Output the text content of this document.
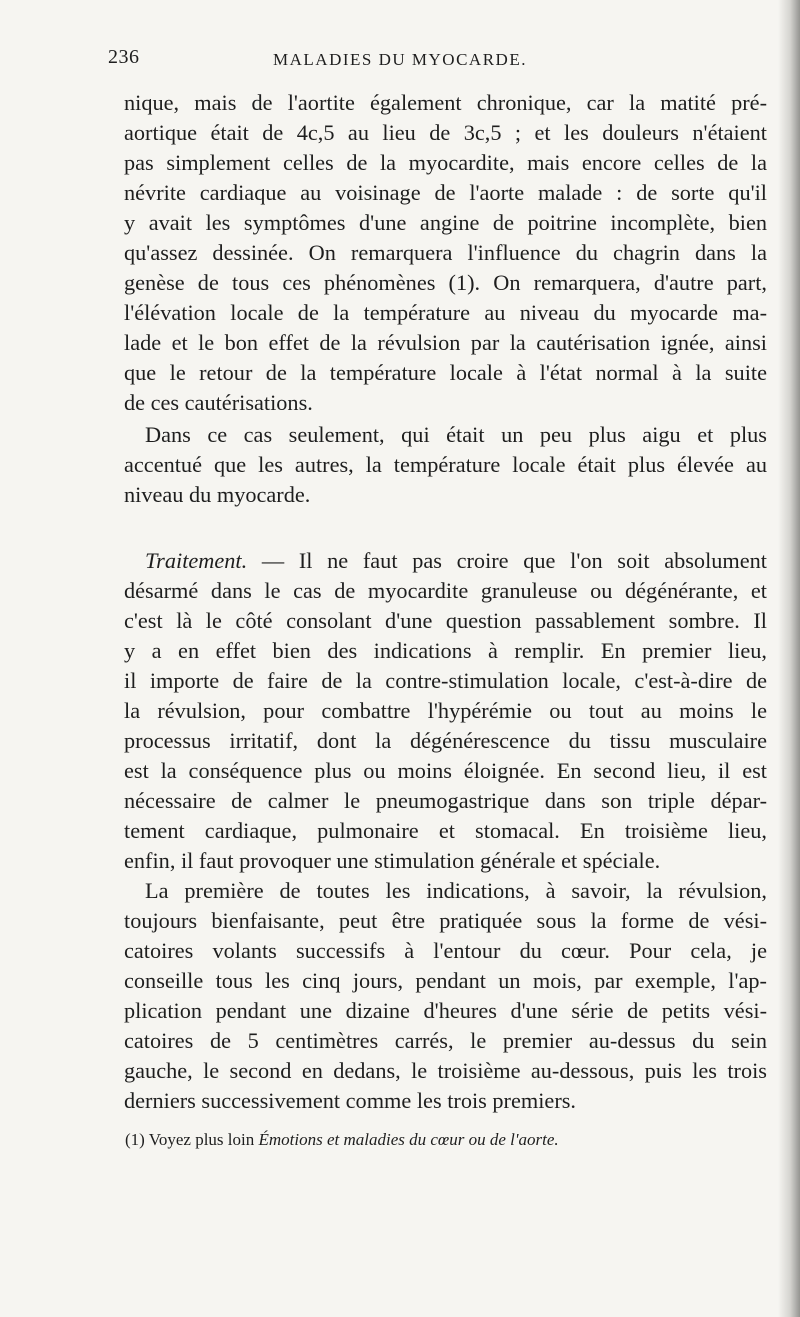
236	MALADIES DU MYOCARDE.
nique, mais de l'aortite également chronique, car la matité pré-
aortique était de 4c,5 au lieu de 3c,5 ; et les douleurs n'étaient
pas simplement celles de la myocardite, mais encore celles de la
névrite cardiaque au voisinage de l'aorte malade : de sorte qu'il
y avait les symptômes d'une angine de poitrine incomplète, bien
qu'assez dessinée. On remarquera l'influence du chagrin dans la
genèse de tous ces phénomènes (1). On remarquera, d'autre part,
l'élévation locale de la température au niveau du myocarde ma-
lade et le bon effet de la révulsion par la cautérisation ignée, ainsi
que le retour de la température locale à l'état normal à la suite
de ces cautérisations.
Dans ce cas seulement, qui était un peu plus aigu et plus
accentué que les autres, la température locale était plus élevée au
niveau du myocarde.
Traitement. — Il ne faut pas croire que l'on soit absolument
désarmé dans le cas de myocardite granuleuse ou dégénérante, et
c'est là le côté consolant d'une question passablement sombre. Il
y a en effet bien des indications à remplir. En premier lieu,
il importe de faire de la contre-stimulation locale, c'est-à-dire de
la révulsion, pour combattre l'hypérémie ou tout au moins le
processus irritatif, dont la dégénérescence du tissu musculaire
est la conséquence plus ou moins éloignée. En second lieu, il est
nécessaire de calmer le pneumogastrique dans son triple dépar-
tement cardiaque, pulmonaire et stomacal. En troisième lieu,
enfin, il faut provoquer une stimulation générale et spéciale.
La première de toutes les indications, à savoir, la révulsion,
toujours bienfaisante, peut être pratiquée sous la forme de vési-
catoires volants successifs à l'entour du cœur. Pour cela, je
conseille tous les cinq jours, pendant un mois, par exemple, l'ap-
plication pendant une dizaine d'heures d'une série de petits vési-
catoires de 5 centimètres carrés, le premier au-dessus du sein
gauche, le second en dedans, le troisième au-dessous, puis les trois
derniers successivement comme les trois premiers.
(1) Voyez plus loin Émotions et maladies du cœur ou de l'aorte.
